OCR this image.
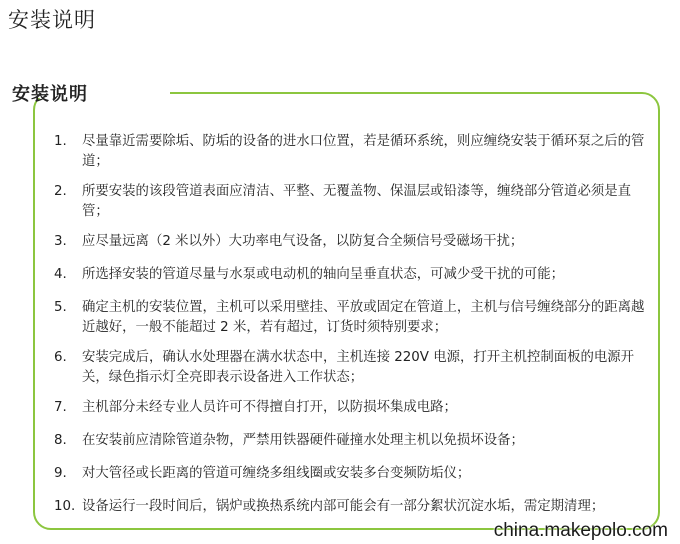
安装说明
安装说明
1.	尽量靠近需要除垢、防垢的设备的进水口位置，若是循环系统，则应缠绕安装于循环泵之后的管道；
2.	所要安装的该段管道表面应清洁、平整、无覆盖物、保温层或铅漆等，缠绕部分管道必须是直管；
3.	应尽量远离（2 米以外）大功率电气设备，以防复合全频信号受磁场干扰；
4.	所选择安装的管道尽量与水泵或电动机的轴向呈垂直状态，可减少受干扰的可能；
5.	确定主机的安装位置，主机可以采用壁挂、平放或固定在管道上，主机与信号缠绕部分的距离越近越好，一般不能超过 2 米，若有超过，订货时须特别要求；
6.	安装完成后，确认水处理器在满水状态中，主机连接 220V 电源，打开主机控制面板的电源开关，绿色指示灯全亮即表示设备进入工作状态；
7.	主机部分未经专业人员许可不得擅自打开，以防损坏集成电路；
8.	在安装前应清除管道杂物，严禁用铁器硬件碰撞水处理主机以免损坏设备；
9.	对大管径或长距离的管道可缠绕多组线圈或安装多台变频防垢仪；
10. 设备运行一段时间后，锅炉或换热系统内部可能会有一部分絮状沉淀水垢，需定期清理；
china.makepolo.com
